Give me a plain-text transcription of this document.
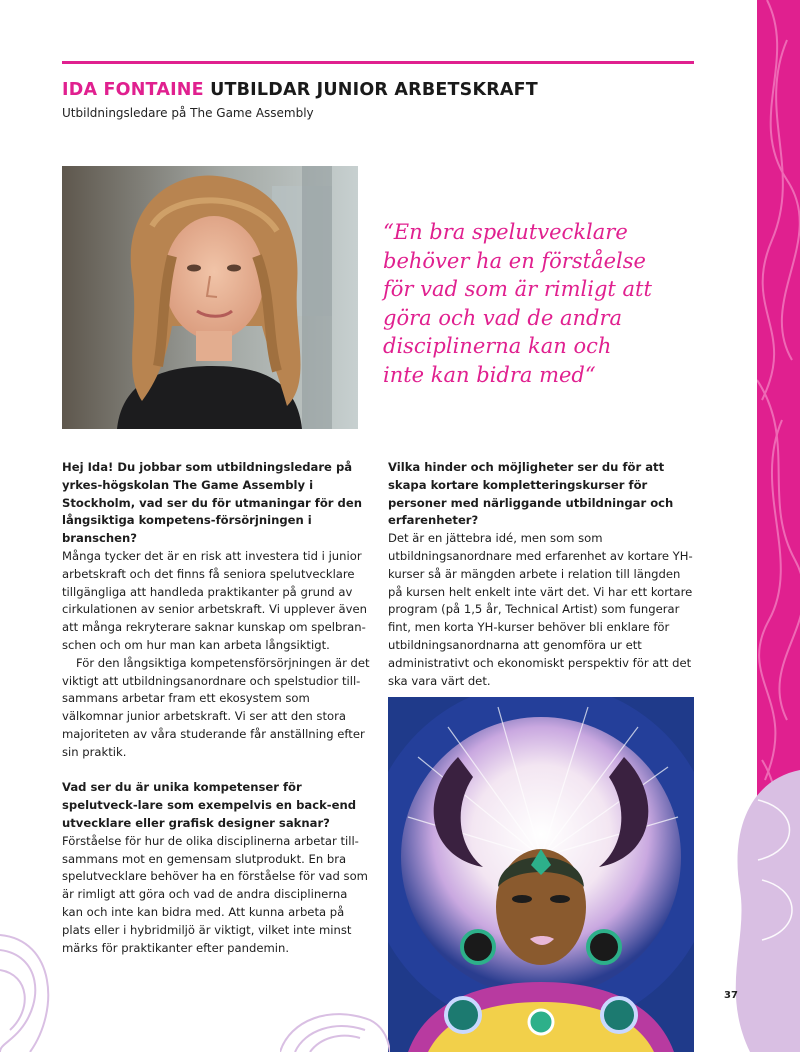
IDA FONTAINE UTBILDAR JUNIOR ARBETSKRAFT

Utbildningsledare på The Game Assembly

“En bra spelutvecklare
behöver ha en förståelse
för vad som är rimligt att
göra och vad de andra
disciplinerna kan och
inte kan bidra med“

Hej Ida! Du jobbar som utbildningsledare på yrkes-högskolan The Game Assembly i Stockholm, vad ser du för utmaningar för den långsiktiga kompetens-försörjningen i branschen?

Många tycker det är en risk att investera tid i junior arbetskraft och det finns få seniora spelutvecklare tillgängliga att handleda praktikanter på grund av cirkulationen av senior arbetskraft. Vi upplever även att många rekryterare saknar kunskap om spelbran-schen och om hur man kan arbeta långsiktigt.

För den långsiktiga kompetensförsörjningen är det viktigt att utbildningsanordnare och spelstudior till-sammans arbetar fram ett ekosystem som välkomnar junior arbetskraft. Vi ser att den stora majoriteten av våra studerande får anställning efter sin praktik.

Vad ser du är unika kompetenser för spelutveck-lare som exempelvis en back-end utvecklare eller grafisk designer saknar?

Förståelse för hur de olika disciplinerna arbetar till-sammans mot en gemensam slutprodukt. En bra spelutvecklare behöver ha en förståelse för vad som är rimligt att göra och vad de andra disciplinerna kan och inte kan bidra med. Att kunna arbeta på plats eller i hybridmiljö är viktigt, vilket inte minst märks för praktikanter efter pandemin.

Vilka hinder och möjligheter ser du för att skapa kortare kompletteringskurser för personer med närliggande utbildningar och erfarenheter?

Det är en jättebra idé, men som som utbildningsanordnare med erfarenhet av kortare YH-kurser så är mängden arbete i relation till längden på kursen helt enkelt inte värt det. Vi har ett kortare program (på 1,5 år, Technical Artist) som fungerar fint, men korta YH-kurser behöver bli enklare för utbildningsanordnarna att genomföra ur ett administrativt och ekonomiskt perspektiv för att det ska vara värt det.

37
